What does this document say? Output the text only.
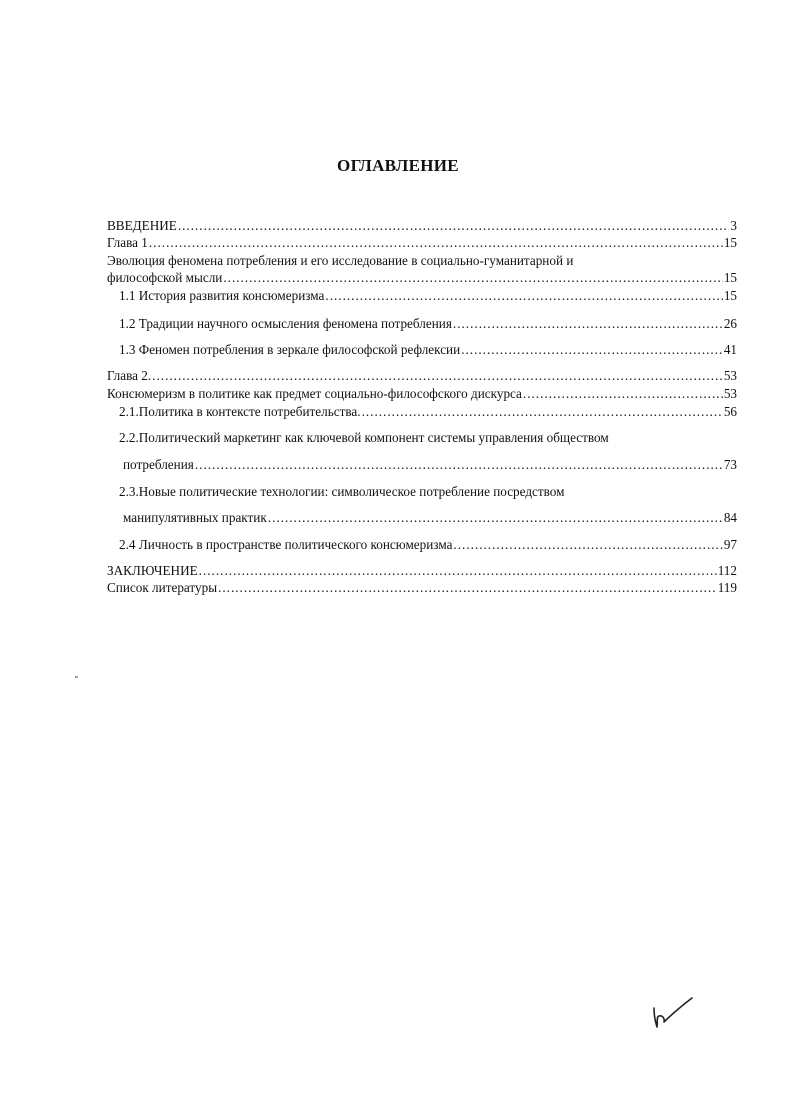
ОГЛАВЛЕНИЕ
ВВЕДЕНИЕ .....	3
Глава 1 .....	15
Эволюция феномена потребления и его исследование в социально-гуманитарной и
философской мысли .....	15
1.1 История развития консюмеризма .....	15
1.2 Традиции научного осмысления феномена потребления .....	26
1.3 Феномен потребления в зеркале философской рефлексии .....	41
Глава 2. .....	53
Консюмеризм в политике как предмет социально-философского дискурса .....	53
2.1.Политика в контексте потребительства. .....	56
2.2.Политический маркетинг как ключевой компонент системы управления обществом
потребления .....	73
2.3.Новые политические технологии: символическое потребление посредством
манипулятивных практик .....	84
2.4 Личность в пространстве политического консюмеризма .....	97
ЗАКЛЮЧЕНИЕ .....	112
Список литературы .....	119
